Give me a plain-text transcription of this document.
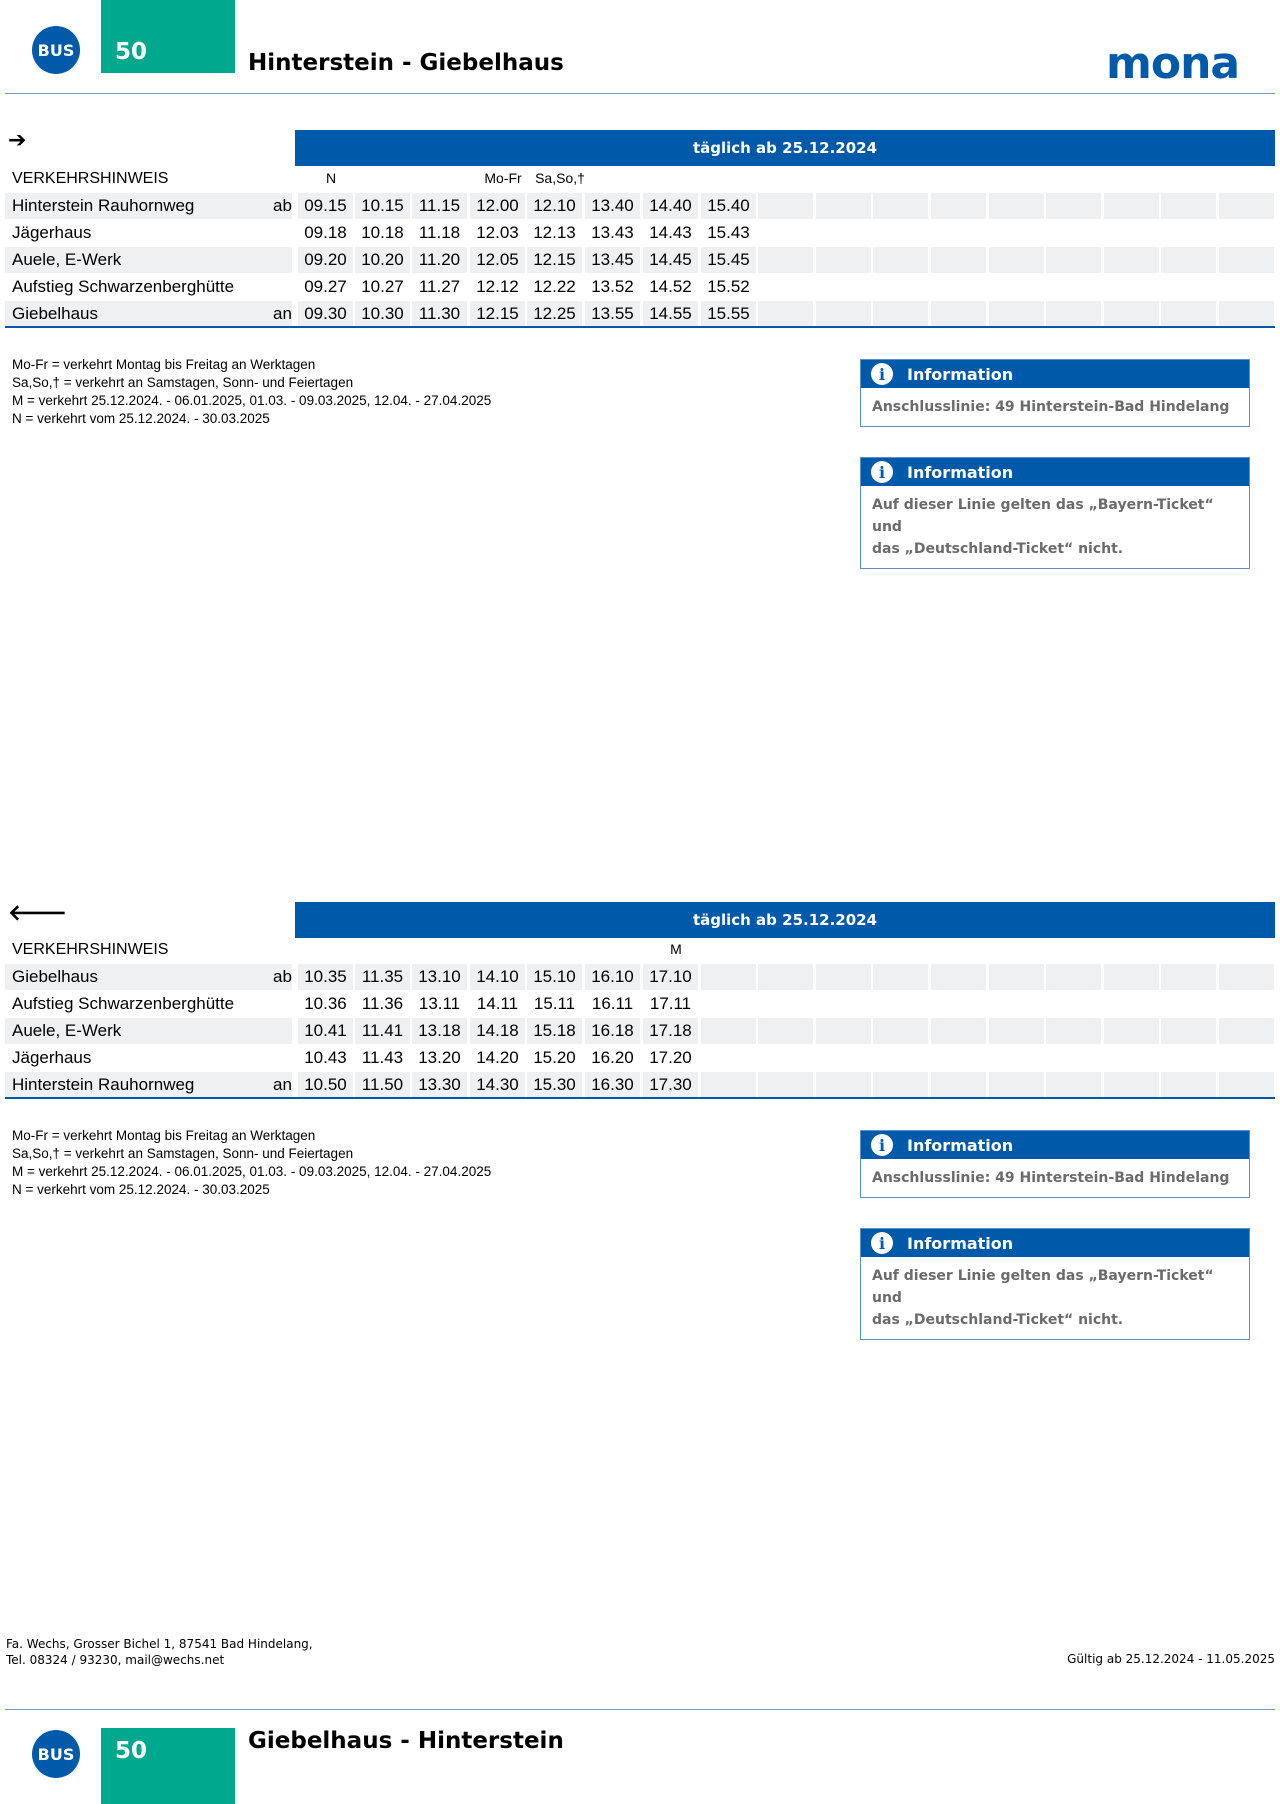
BUS 50	Hinterstein - Giebelhaus	mona
➔	täglich ab 25.12.2024
VERKEHRSHINWEIS	N	Mo-Fr Sa,So,†
Hinterstein Rauhornweg	ab 09.15 10.15 11.15 12.00 12.10 13.40 14.40 15.40
Jägerhaus	09.18 10.18 11.18 12.03 12.13 13.43 14.43 15.43
Auele, E-Werk	09.20 10.20 11.20 12.05 12.15 13.45 14.45 15.45
Aufstieg Schwarzenberghütte	09.27 10.27 11.27 12.12 12.22 13.52 14.52 15.52
Giebelhaus	an 09.30 10.30 11.30 12.15 12.25 13.55 14.55 15.55
Mo-Fr = verkehrt Montag bis Freitag an Werktagen
Sa,So,† = verkehrt an Samstagen, Sonn- und Feiertagen
M = verkehrt 25.12.2024. - 06.01.2025, 01.03. - 09.03.2025, 12.04. - 27.04.2025
N = verkehrt vom 25.12.2024. - 30.03.2025
i	Information
Anschlusslinie: 49 Hinterstein-Bad Hindelang
i	Information
Auf dieser Linie gelten das „Bayern-Ticket“ und
das „Deutschland-Ticket“ nicht.
🡐	täglich ab 25.12.2024
VERKEHRSHINWEIS	M
Giebelhaus	ab 10.35 11.35 13.10 14.10 15.10 16.10 17.10
Aufstieg Schwarzenberghütte	10.36 11.36 13.11 14.11 15.11 16.11 17.11
Auele, E-Werk	10.41 11.41 13.18 14.18 15.18 16.18 17.18
Jägerhaus	10.43 11.43 13.20 14.20 15.20 16.20 17.20
Hinterstein Rauhornweg	an 10.50 11.50 13.30 14.30 15.30 16.30 17.30
Mo-Fr = verkehrt Montag bis Freitag an Werktagen
Sa,So,† = verkehrt an Samstagen, Sonn- und Feiertagen
M = verkehrt 25.12.2024. - 06.01.2025, 01.03. - 09.03.2025, 12.04. - 27.04.2025
N = verkehrt vom 25.12.2024. - 30.03.2025
i	Information
Anschlusslinie: 49 Hinterstein-Bad Hindelang
i	Information
Auf dieser Linie gelten das „Bayern-Ticket“ und
das „Deutschland-Ticket“ nicht.
Fa. Wechs, Grosser Bichel 1, 87541 Bad Hindelang,
Tel. 08324 / 93230, mail@wechs.net	Gültig ab 25.12.2024 - 11.05.2025
BUS 50	Giebelhaus - Hinterstein
